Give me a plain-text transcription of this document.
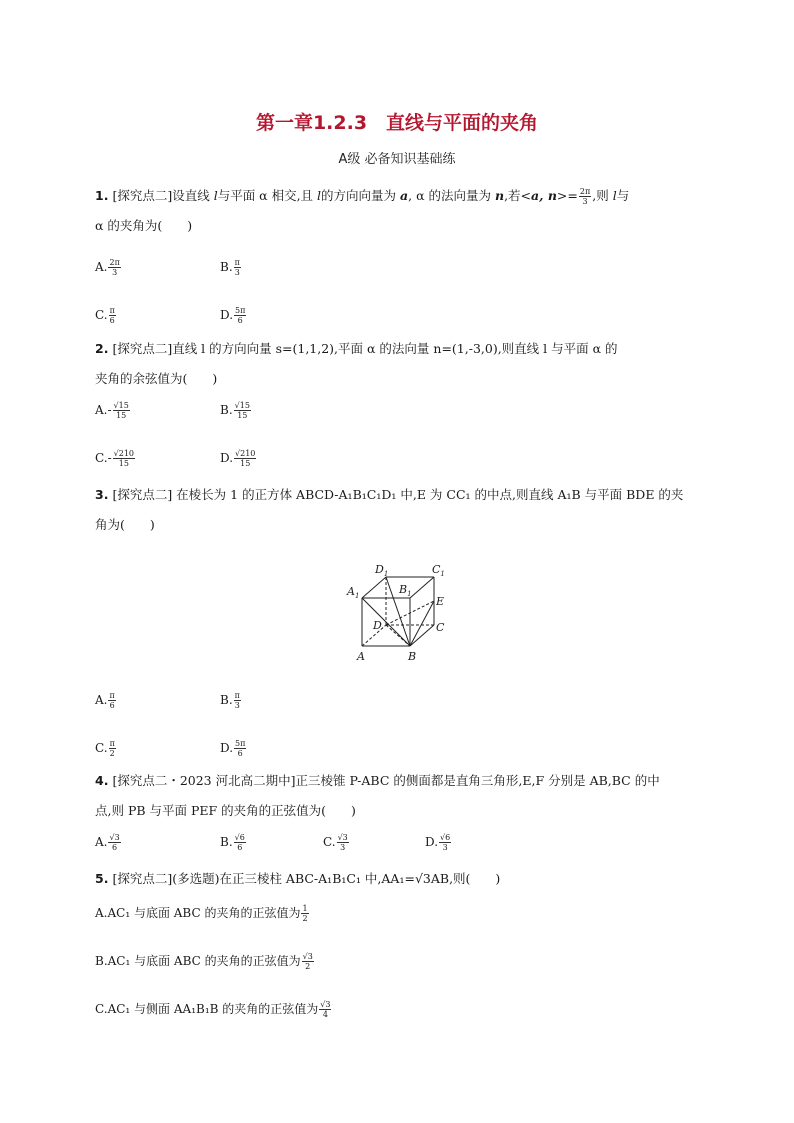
第一章1.2.3　直线与平面的夹角
A级 必备知识基础练
1. [探究点二]设直线 l与平面 α 相交,且 l的方向向量为 a, α 的法向量为 n,若<a, $n>= \frac{2\pi}{3}$ ,则 l与
α 的夹角为(　　)
A. $\frac{2\pi}{3}$	B. $\frac{\pi}{3}$
C. $\frac{\pi}{6}$	D. $\frac{5\pi}{6}$
2. [探究点二]直线 l 的方向向量 s=(1,1,2),平面 α 的法向量 n=(1,-3,0),则直线 l 与平面 α 的
夹角的余弦值为(　　)
$A.- \frac{√15}{15}$	B. $\frac{√15}{15}$
$C.- \frac{√210}{15}$	D. $\frac{√210}{15}$
3. [探究点二] 在棱长为 1 的正方体 ABCD-A₁B₁C₁D₁ 中,E 为 CC₁ 的中点,则直线 A₁B 与平面 BDE 的夹
角为(　　)
$D_1$	$C_1$
$A_1$	$B_1$
E
D	C
A	B
A. $\frac{\pi}{6}$	B. $\frac{\pi}{3}$
C. $\frac{\pi}{2}$	D. $\frac{5\pi}{6}$
4. [探究点二・2023 河北高二期中]正三棱锥 P-ABC 的侧面都是直角三角形,E,F 分别是 AB,BC 的中
点,则 PB 与平面 PEF 的夹角的正弦值为(　　)
A. $\frac{√3}{6}$	B. $\frac{√6}{6}$	C. $\frac{√3}{3}$	D. $\frac{√6}{3}$
5. [探究点二](多选题)在正三棱柱 ABC-A₁B₁C₁ 中,AA₁=√3AB,则(　　)
A.AC₁ 与底面 ABC 的夹角的正弦值为 $\frac{1}{2}$
B.AC₁ 与底面 ABC 的夹角的正弦值为 $\frac{√3}{2}$
C.AC₁ 与侧面 AA₁B₁B 的夹角的正弦值为 $\frac{√3}{4}$
